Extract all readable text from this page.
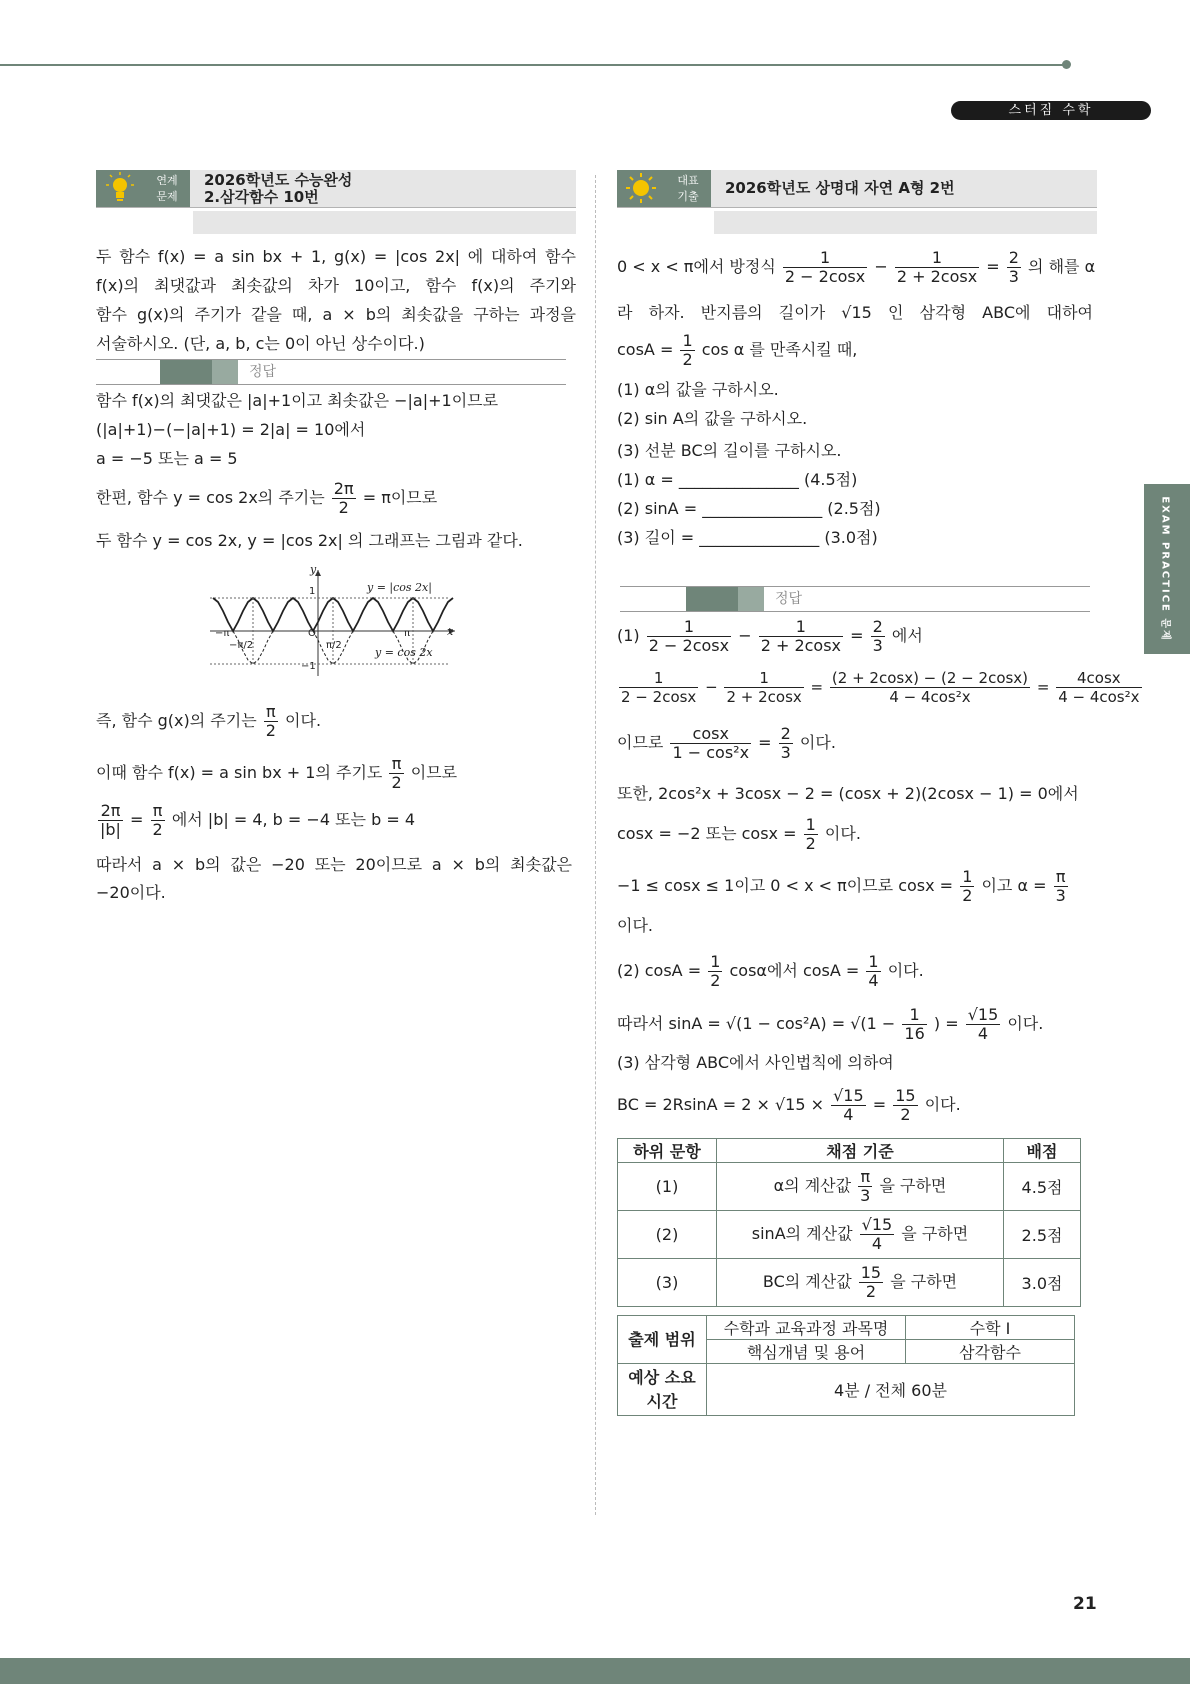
스터짐 수학
EXAM PRACTICE 문제
21
연계
문제
2026학년도 수능완성
2.삼각함수 10번
두 함수 f(x) = a sin bx + 1, g(x) = |cos 2x| 에 대하여 함수
f(x)의 최댓값과 최솟값의 차가 10이고, 함수 f(x)의 주기와
함수 g(x)의 주기가 같을 때, a × b의 최솟값을 구하는 과정을
서술하시오. (단, a, b, c는 0이 아닌 상수이다.)
정답
함수 f(x)의 최댓값은 |a|+1이고 최솟값은 −|a|+1이므로
(|a|+1)−(−|a|+1) = 2|a| = 10에서
a = −5 또는 a = 5
한편, 함수 y = cos 2x의 주기는 $\frac{2\pi}{2} = \pi$이므로
두 함수 y = cos 2x, y = |cos 2x| 의 그래프는 그림과 같다.
y = |cos 2x|
y = cos 2x
y
x
1
−1
O
−π	π
−π/2	π/2
즉, 함수 g(x)의 주기는 $\frac{\pi}{2}$ 이다.
이때 함수 f(x) = a sin bx + 1의 주기도 $\frac{\pi}{2}$ 이므로
$\frac{2\pi}{|b|} = \frac{\pi}{2}$ 에서 |b| = 4, b = −4 또는 b = 4
따라서 a × b의 값은 −20 또는 20이므로 a × b의 최솟값은
−20이다.
대표
기출	2026학년도 상명대 자연 A형 2번
0 < x < π에서 방정식 $\frac{1}{2 - 2\cos x} - \frac{1}{2 + 2\cos x} = \frac{2}{3}$ 의 해를 α
라 하자. 반지름의 길이가 √15 인 삼각형 ABC에 대하여
$\cos A = \frac{1}{2}$ cos α 를 만족시킬 때,
(1) α의 값을 구하시오.
(2) sin A의 값을 구하시오.
(3) 선분 BC의 길이를 구하시오.
(1) α = _______________ (4.5점)
(2) sinA = _______________ (2.5점)
(3) 길이 = _______________ (3.0점)
정답
$(1) \frac{1}{2 - 2\cos x} - \frac{1}{2 + 2\cos x} = \frac{2}{3}$ 에서
$\frac{1}{2 - 2\cos x} - \frac{1}{2 + 2\cos x} = \frac{(2 + 2\cos x) - (2 - 2\cos x)}{\text{4 − 4cos²x}} = \frac{4\cos x}{\text{4 − 4cos²x}}$
이므로 $\frac{\cos x}{\text{1 − cos²x}} = \frac{2}{3}$ 이다.
또한, 2cos²x + 3cosx − 2 = (cosx + 2)(2cosx − 1) = 0에서
cosx = −2 또는 $\cos x = \frac{1}{2}$ 이다.
−1 ≤ cosx ≤ 1이고 0 < x < π이므로 $\cos x = \frac{1}{2}$ 이고 $\alpha = \frac{\pi}{3}$
이다.
(2) $\cos A = \frac{1}{2}$ cosα에서 $\cos A = \frac{1}{4}$ 이다.
따라서 $\sin A = √(1 - \cos^2A) = √(1 - \frac{1}{16}$ ) = $\frac{√15}{4}$ 이다.
(3) 삼각형 ABC에서 사인법칙에 의하여
BC = $2RsinA = 2 \times √15 \times \frac{√15}{4} = \frac{15}{2}$ 이다.
하위 문항	채점 기준	배점
(1)	α의 계산값 $\frac{\pi}{3}$ 을 구하면	4.5점
(2)	sinA의 계산값 $\frac{√15}{4}$ 을 구하면	2.5점
(3)	BC의 계산값 $\frac{15}{2}$ 을 구하면	3.0점
출제 범위	수학과 교육과정 과목명	수학 Ⅰ
	핵심개념 및 용어	삼각함수
예상 소요시간	4분 / 전체 60분	
